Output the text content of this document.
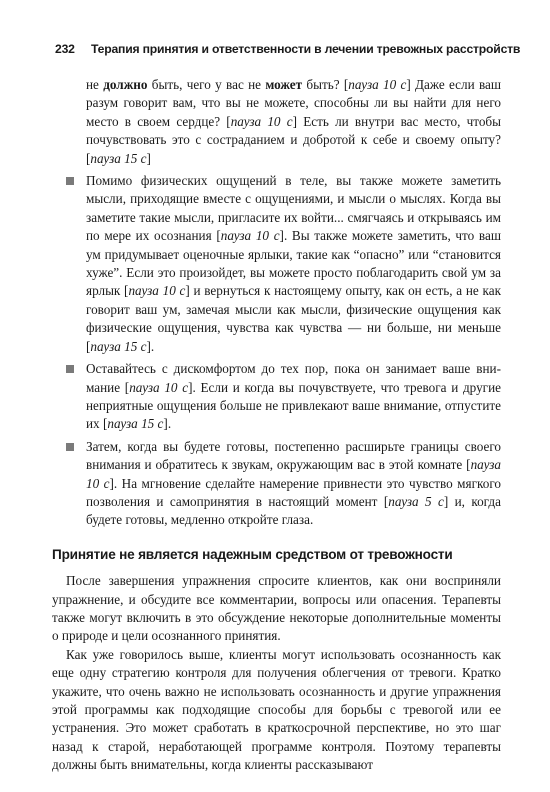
232 Терапия принятия и ответственности в лечении тревожных расстройств

не должно быть, чего у вас не может быть? [пауза 10 с] Даже если ваш разум говорит вам, что вы не можете, способны ли вы найти для него место в своем сердце? [пауза 10 с] Есть ли внутри вас место, чтобы почувствовать это с состраданием и добротой к себе и своему опыту? [пауза 15 с]

Помимо физических ощущений в теле, вы также можете заметить мысли, приходящие вместе с ощущениями, и мысли о мыслях. Когда вы заметите такие мысли, пригласите их войти... смягчаясь и открываясь им по мере их осознания [пауза 10 с]. Вы также можете заметить, что ваш ум придумывает оценочные ярлыки, такие как “опасно” или “становится хуже”. Если это произойдет, вы можете просто поблагодарить свой ум за ярлык [пауза 10 с] и вернуться к настоящему опыту, как он есть, а не как говорит ваш ум, замечая мысли как мысли, физические ощущения как физические ощущения, чувства как чувства — ни больше, ни меньше [пауза 15 с].
Оставайтесь с дискомфортом до тех пор, пока он занимает ваше внимание [пауза 10 с]. Если и когда вы почувствуете, что тревога и другие неприятные ощущения больше не привлекают ваше внимание, отпустите их [пауза 15 с].
Затем, когда вы будете готовы, постепенно расширьте границы своего внимания и обратитесь к звукам, окружающим вас в этой комнате [пауза 10 с]. На мгновение сделайте намерение привнести это чувство мягкого позволения и самопринятия в настоящий момент [пауза 5 с] и, когда будете готовы, медленно откройте глаза.
Принятие не является надежным средством от тревожности

После завершения упражнения спросите клиентов, как они восприняли упражнение, и обсудите все комментарии, вопросы или опасения. Терапевты также могут включить в это обсуждение некоторые дополнительные моменты о природе и цели осознанного принятия.

Как уже говорилось выше, клиенты могут использовать осознанность как еще одну стратегию контроля для получения облегчения от тревоги. Кратко укажите, что очень важно не использовать осознанность и другие упражнения этой программы как подходящие способы для борьбы с тревогой или ее устранения. Это может сработать в краткосрочной перспективе, но это шаг назад к старой, неработающей программе контроля. Поэтому терапевты должны быть внимательны, когда клиенты рассказывают
